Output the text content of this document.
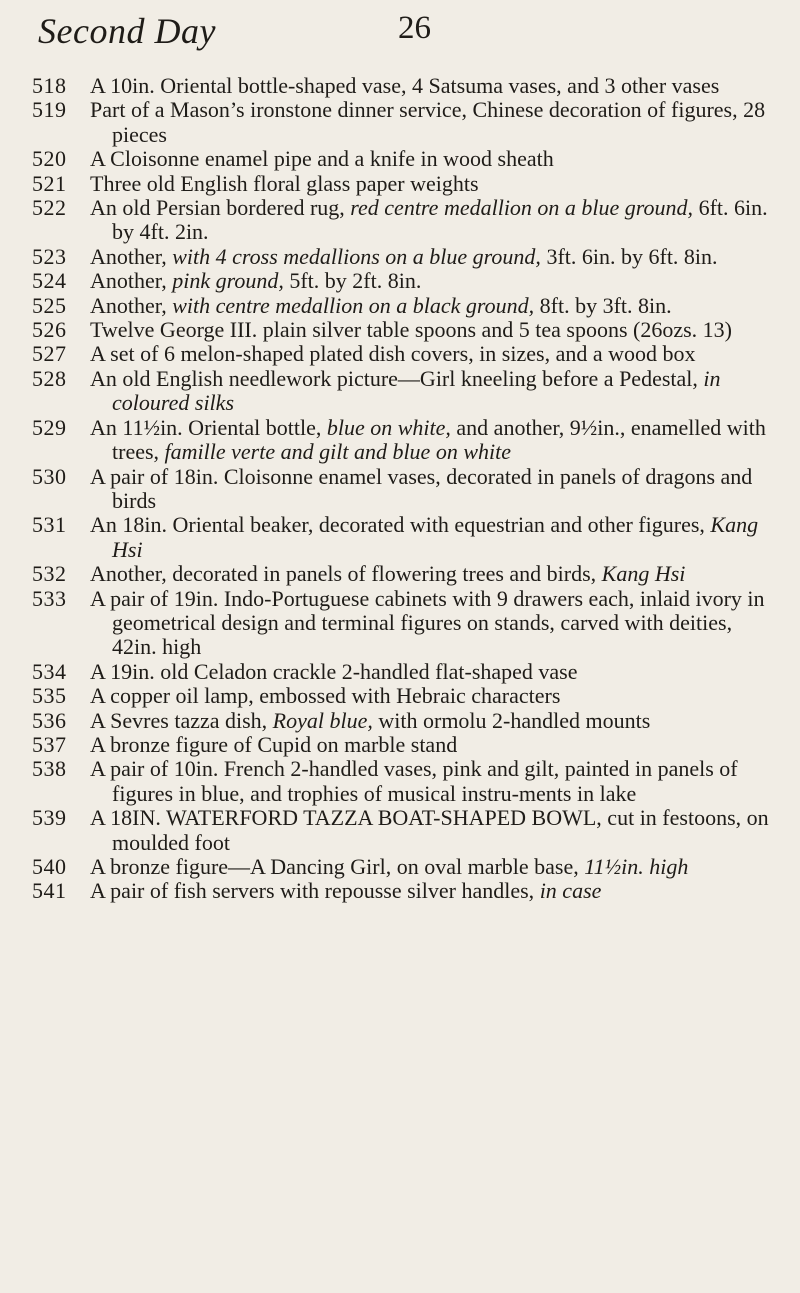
Second Day	26
518	A 10in. Oriental bottle-shaped vase, 4 Satsuma vases, and 3 other vases
519	Part of a Mason’s ironstone dinner service, Chinese decoration of figures, 28 pieces
520	A Cloisonne enamel pipe and a knife in wood sheath
521	Three old English floral glass paper weights
522	An old Persian bordered rug, red centre medallion on a blue ground, 6ft. 6in. by 4ft. 2in.
523	Another, with 4 cross medallions on a blue ground, 3ft. 6in. by 6ft. 8in.
524	Another, pink ground, 5ft. by 2ft. 8in.
525	Another, with centre medallion on a black ground, 8ft. by 3ft. 8in.
526	Twelve George III. plain silver table spoons and 5 tea spoons (26ozs. 13)
527	A set of 6 melon-shaped plated dish covers, in sizes, and a wood box
528	An old English needlework picture—Girl kneeling before a Pedestal, in coloured silks
529	An 11½in. Oriental bottle, blue on white, and another, 9½in., enamelled with trees, famille verte and gilt and blue on white
530	A pair of 18in. Cloisonne enamel vases, decorated in panels of dragons and birds
531	An 18in. Oriental beaker, decorated with equestrian and other figures, Kang Hsi
532	Another, decorated in panels of flowering trees and birds, Kang Hsi
533	A pair of 19in. Indo-Portuguese cabinets with 9 drawers each, inlaid ivory in geometrical design and terminal figures on stands, carved with deities, 42in. high
534	A 19in. old Celadon crackle 2-handled flat-shaped vase
535	A copper oil lamp, embossed with Hebraic characters
536	A Sevres tazza dish, Royal blue, with ormolu 2-handled mounts
537	A bronze figure of Cupid on marble stand
538	A pair of 10in. French 2-handled vases, pink and gilt, painted in panels of figures in blue, and trophies of musical instru-ments in lake
539	A 18IN. WATERFORD TAZZA BOAT-SHAPED BOWL, cut in festoons, on moulded foot
540	A bronze figure—A Dancing Girl, on oval marble base, 11½in. high
541	A pair of fish servers with repousse silver handles, in case
